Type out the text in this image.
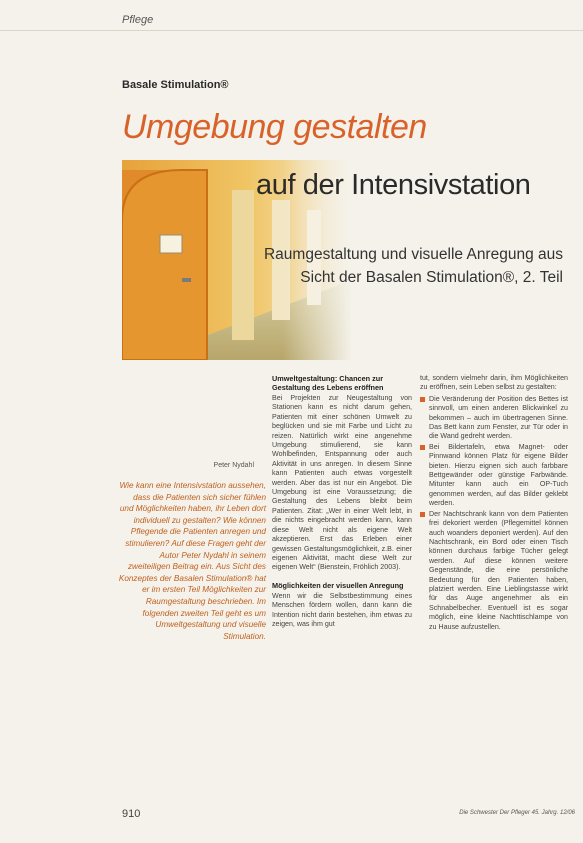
Pflege
Basale Stimulation®
Umgebung gestalten
auf der Intensivstation
Raumgestaltung und visuelle Anregung aus Sicht der Basalen Stimulation®, 2. Teil
Peter Nydahl
Wie kann eine Intensivstation aussehen, dass die Patienten sich sicher fühlen und Möglichkeiten haben, ihr Leben dort individuell zu gestalten? Wie können Pflegende die Patienten anregen und stimulieren? Auf diese Fragen geht der Autor Peter Nydahl in seinem zweiteiligen Beitrag ein. Aus Sicht des Konzeptes der Basalen Stimulation® hat er im ersten Teil Möglichkeiten zur Raumgestaltung beschrieben. Im folgenden zweiten Teil geht es um Umweltgestaltung und visuelle Stimulation.
Umweltgestaltung: Chancen zur Gestaltung des Lebens eröffnen

Bei Projekten zur Neugestaltung von Stationen kann es nicht darum gehen, Patienten mit einer schönen Umwelt zu beglücken und sie mit Farbe und Licht zu reizen. Natürlich wirkt eine angenehme Umgebung stimulierend, sie kann Wohlbefinden, Entspannung oder auch Aktivität in uns anregen. In diesem Sinne kann Patienten auch etwas vorgestellt werden. Aber das ist nur ein Angebot. Die Umgebung ist eine Voraussetzung; die Gestaltung des Lebens bleibt beim Patienten. Zitat: „Wer in einer Welt lebt, in die nichts eingebracht werden kann, kann diese Welt nicht als eigene Welt akzeptieren. Erst das Erleben einer gewissen Gestaltungsmöglichkeit, z.B. einer eigenen Aktivität, macht diese Welt zur eigenen Welt“ (Bienstein, Fröhlich 2003).

Möglichkeiten der visuellen Anregung

Wenn wir die Selbstbestimmung eines Menschen fördern wollen, dann kann die Intention nicht darin bestehen, ihm etwas zu zeigen, was ihm gut

tut, sondern vielmehr darin, ihm Möglichkeiten zu eröffnen, sein Leben selbst zu gestalten:

Die Veränderung der Position des Bettes ist sinnvoll, um einen anderen Blickwinkel zu bekommen – auch im übertragenen Sinne. Das Bett kann zum Fenster, zur Tür oder in die Wand gedreht werden.
Bei Bildertafeln, etwa Magnet- oder Pinnwand können Platz für eigene Bilder bieten. Hierzu eignen sich auch farbbare Bettgewänder oder günstige Farbwände. Mitunter kann auch ein OP-Tuch genommen werden, auf das Bilder geklebt werden.
Der Nachtschrank kann von dem Patienten frei dekoriert werden (Pflegemittel können auch woanders deponiert werden). Auf den Nachtschrank, ein Bord oder einen Tisch können durchaus farbige Tücher gelegt werden. Auf diese können weitere Gegenstände, die eine persönliche Bedeutung für den Patienten haben, platziert werden. Eine Lieblingstasse wirkt für das Auge angenehmer als ein Schnabelbecher. Eventuell ist es sogar möglich, eine kleine Nachttischlampe von zu Hause aufzustellen.
910	Die Schwester Der Pfleger 45. Jahrg. 12/06
